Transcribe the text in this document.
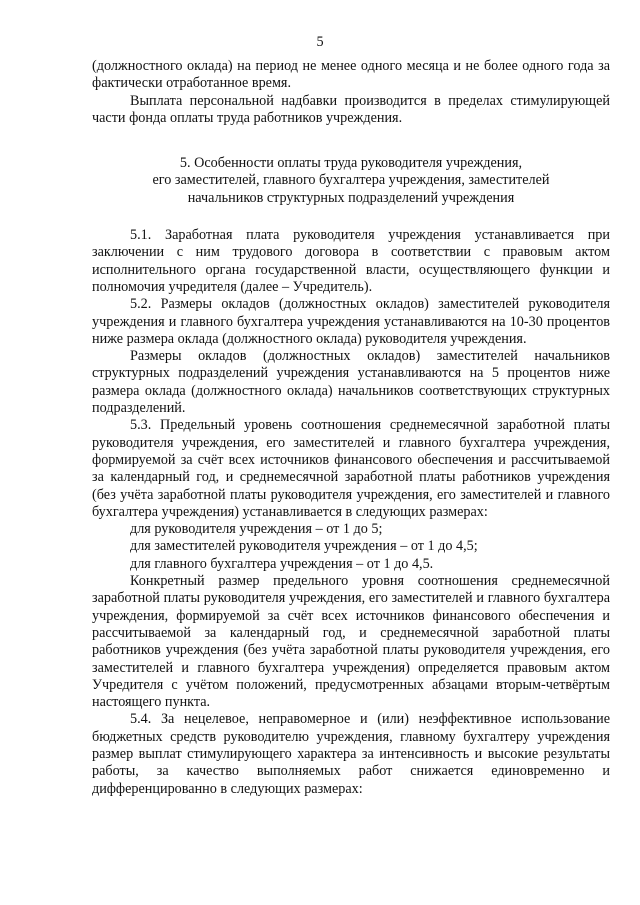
5

(должностного оклада) на период не менее одного месяца и не более одного года за фактически отработанное время.

Выплата персональной надбавки производится в пределах стимулирующей части фонда оплаты труда работников учреждения.

5. Особенности оплаты труда руководителя учреждения,
его заместителей, главного бухгалтера учреждения, заместителей
начальников структурных подразделений учреждения

5.1. Заработная плата руководителя учреждения устанавливается при заключении с ним трудового договора в соответствии с правовым актом исполнительного органа государственной власти, осуществляющего функции и полномочия учредителя (далее – Учредитель).

5.2. Размеры окладов (должностных окладов) заместителей руководителя учреждения и главного бухгалтера учреждения устанавливаются на 10-30 процентов ниже размера оклада (должностного оклада) руководителя учреждения.

Размеры окладов (должностных окладов) заместителей начальников структурных подразделений учреждения устанавливаются на 5 процентов ниже размера оклада (должностного оклада) начальников соответствующих структурных подразделений.

5.3. Предельный уровень соотношения среднемесячной заработной платы руководителя учреждения, его заместителей и главного бухгалтера учреждения, формируемой за счёт всех источников финансового обеспечения и рассчитываемой за календарный год, и среднемесячной заработной платы работников учреждения (без учёта заработной платы руководителя учреждения, его заместителей и главного бухгалтера учреждения) устанавливается в следующих размерах:

для руководителя учреждения – от 1 до 5;

для заместителей руководителя учреждения – от 1 до 4,5;

для главного бухгалтера учреждения – от 1 до 4,5.

Конкретный размер предельного уровня соотношения среднемесячной заработной платы руководителя учреждения, его заместителей и главного бухгалтера учреждения, формируемой за счёт всех источников финансового обеспечения и рассчитываемой за календарный год, и среднемесячной заработной платы работников учреждения (без учёта заработной платы руководителя учреждения, его заместителей и главного бухгалтера учреждения) определяется правовым актом Учредителя с учётом положений, предусмотренных абзацами вторым-четвёртым настоящего пункта.

5.4. За нецелевое, неправомерное и (или) неэффективное использование бюджетных средств руководителю учреждения, главному бухгалтеру учреждения размер выплат стимулирующего характера за интенсивность и высокие результаты работы, за качество выполняемых работ снижается единовременно и дифференцированно в следующих размерах:
